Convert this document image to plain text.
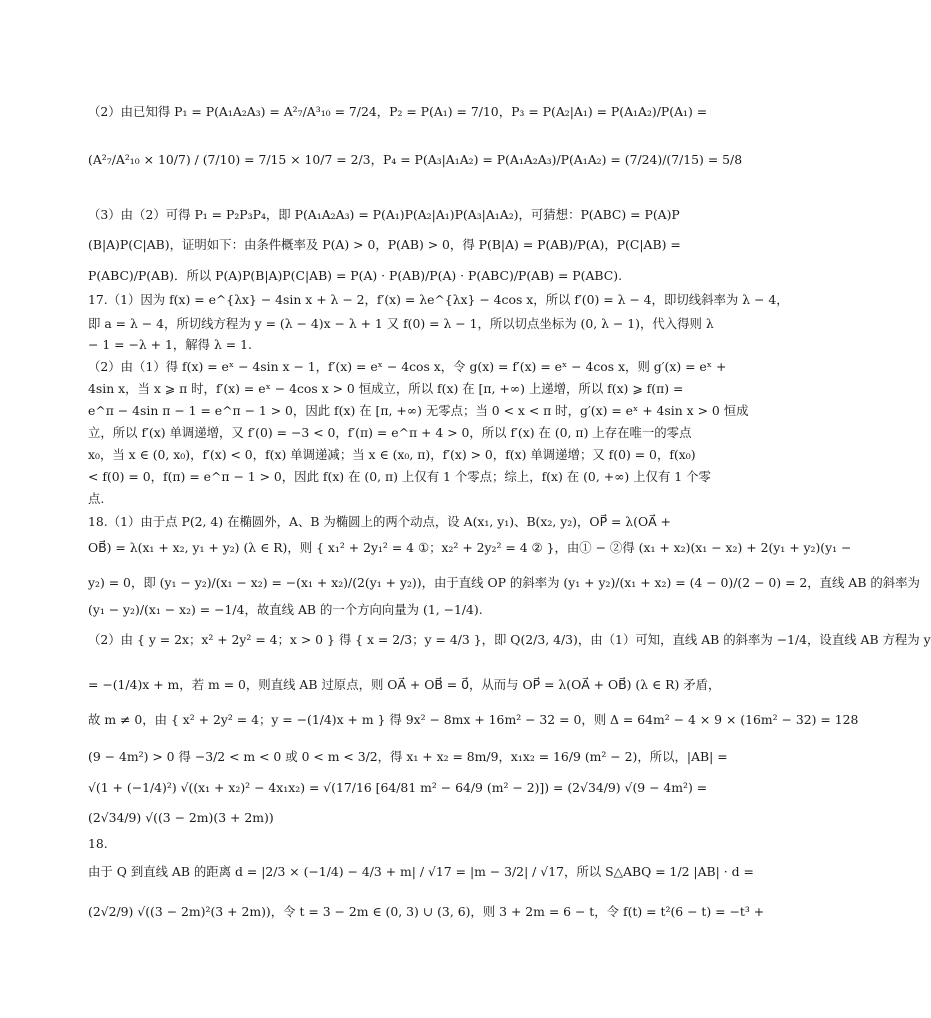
（2）由已知得 P₁ = P(A₁A₂A₃) = A²₇/A³₁₀ = 7/24，P₂ = P(A₁) = 7/10，P₃ = P(A₂|A₁) = P(A₁A₂)/P(A₁) =
(A²₇/A²₁₀ × 10/7) / (7/10) = 7/15 × 10/7 = 2/3，P₄ = P(A₃|A₁A₂) = P(A₁A₂A₃)/P(A₁A₂) = (7/24)/(7/15) = 5/8
（3）由（2）可得 P₁ = P₂P₃P₄，即 P(A₁A₂A₃) = P(A₁)P(A₂|A₁)P(A₃|A₁A₂)，可猜想：P(ABC) = P(A)P
(B|A)P(C|AB)，证明如下：由条件概率及 P(A) > 0，P(AB) > 0，得 P(B|A) = P(AB)/P(A)，P(C|AB) =
P(ABC)/P(AB)．所以 P(A)P(B|A)P(C|AB) = P(A) · P(AB)/P(A) · P(ABC)/P(AB) = P(ABC).
17.（1）因为 f(x) = e^{λx} − 4sin x + λ − 2，f′(x) = λe^{λx} − 4cos x，所以 f′(0) = λ − 4，即切线斜率为 λ − 4，
即 a = λ − 4，所切线方程为 y = (λ − 4)x − λ + 1 又 f(0) = λ − 1，所以切点坐标为 (0, λ − 1)，代入得则 λ
− 1 = −λ + 1，解得 λ = 1.
（2）由（1）得 f(x) = eˣ − 4sin x − 1，f′(x) = eˣ − 4cos x，令 g(x) = f′(x) = eˣ − 4cos x，则 g′(x) = eˣ +
4sin x，当 x ⩾ π 时，f′(x) = eˣ − 4cos x > 0 恒成立，所以 f(x) 在 [π, +∞) 上递增，所以 f(x) ⩾ f(π) =
e^π − 4sin π − 1 = e^π − 1 > 0，因此 f(x) 在 [π, +∞) 无零点；当 0 < x < π 时，g′(x) = eˣ + 4sin x > 0 恒成
立，所以 f′(x) 单调递增，又 f′(0) = −3 < 0，f′(π) = e^π + 4 > 0，所以 f′(x) 在 (0, π) 上存在唯一的零点
x₀，当 x ∈ (0, x₀)，f′(x) < 0，f(x) 单调递减；当 x ∈ (x₀, π)，f′(x) > 0，f(x) 单调递增；又 f(0) = 0，f(x₀)
< f(0) = 0，f(π) = e^π − 1 > 0，因此 f(x) 在 (0, π) 上仅有 1 个零点；综上，f(x) 在 (0, +∞) 上仅有 1 个零
点.
18.（1）由于点 P(2, 4) 在椭圆外，A、B 为椭圆上的两个动点，设 A(x₁, y₁)、B(x₂, y₂)，OP⃗ = λ(OA⃗ +
OB⃗) = λ(x₁ + x₂, y₁ + y₂) (λ ∈ R)，则 { x₁² + 2y₁² = 4 ①；x₂² + 2y₂² = 4 ② }，由① − ②得 (x₁ + x₂)(x₁ − x₂) + 2(y₁ + y₂)(y₁ −
y₂) = 0，即 (y₁ − y₂)/(x₁ − x₂) = −(x₁ + x₂)/(2(y₁ + y₂))，由于直线 OP 的斜率为 (y₁ + y₂)/(x₁ + x₂) = (4 − 0)/(2 − 0) = 2，直线 AB 的斜率为
(y₁ − y₂)/(x₁ − x₂) = −1/4，故直线 AB 的一个方向向量为 (1, −1/4).
（2）由 { y = 2x；x² + 2y² = 4；x > 0 } 得 { x = 2/3；y = 4/3 }，即 Q(2/3, 4/3)，由（1）可知，直线 AB 的斜率为 −1/4，设直线 AB 方程为 y
= −(1/4)x + m，若 m = 0，则直线 AB 过原点，则 OA⃗ + OB⃗ = 0⃗，从而与 OP⃗ = λ(OA⃗ + OB⃗) (λ ∈ R) 矛盾，
故 m ≠ 0，由 { x² + 2y² = 4；y = −(1/4)x + m } 得 9x² − 8mx + 16m² − 32 = 0，则 Δ = 64m² − 4 × 9 × (16m² − 32) = 128
(9 − 4m²) > 0 得 −3/2 < m < 0 或 0 < m < 3/2，得 x₁ + x₂ = 8m/9，x₁x₂ = 16/9 (m² − 2)，所以，|AB| =
√(1 + (−1/4)²) √((x₁ + x₂)² − 4x₁x₂) = √(17/16 [64/81 m² − 64/9 (m² − 2)]) = (2√34/9) √(9 − 4m²) =
(2√34/9) √((3 − 2m)(3 + 2m))
18.
由于 Q 到直线 AB 的距离 d = |2/3 × (−1/4) − 4/3 + m| / √17 = |m − 3/2| / √17，所以 S△ABQ = 1/2 |AB| · d =
(2√2/9) √((3 − 2m)²(3 + 2m))，令 t = 3 − 2m ∈ (0, 3) ∪ (3, 6)，则 3 + 2m = 6 − t，令 f(t) = t²(6 − t) = −t³ +
